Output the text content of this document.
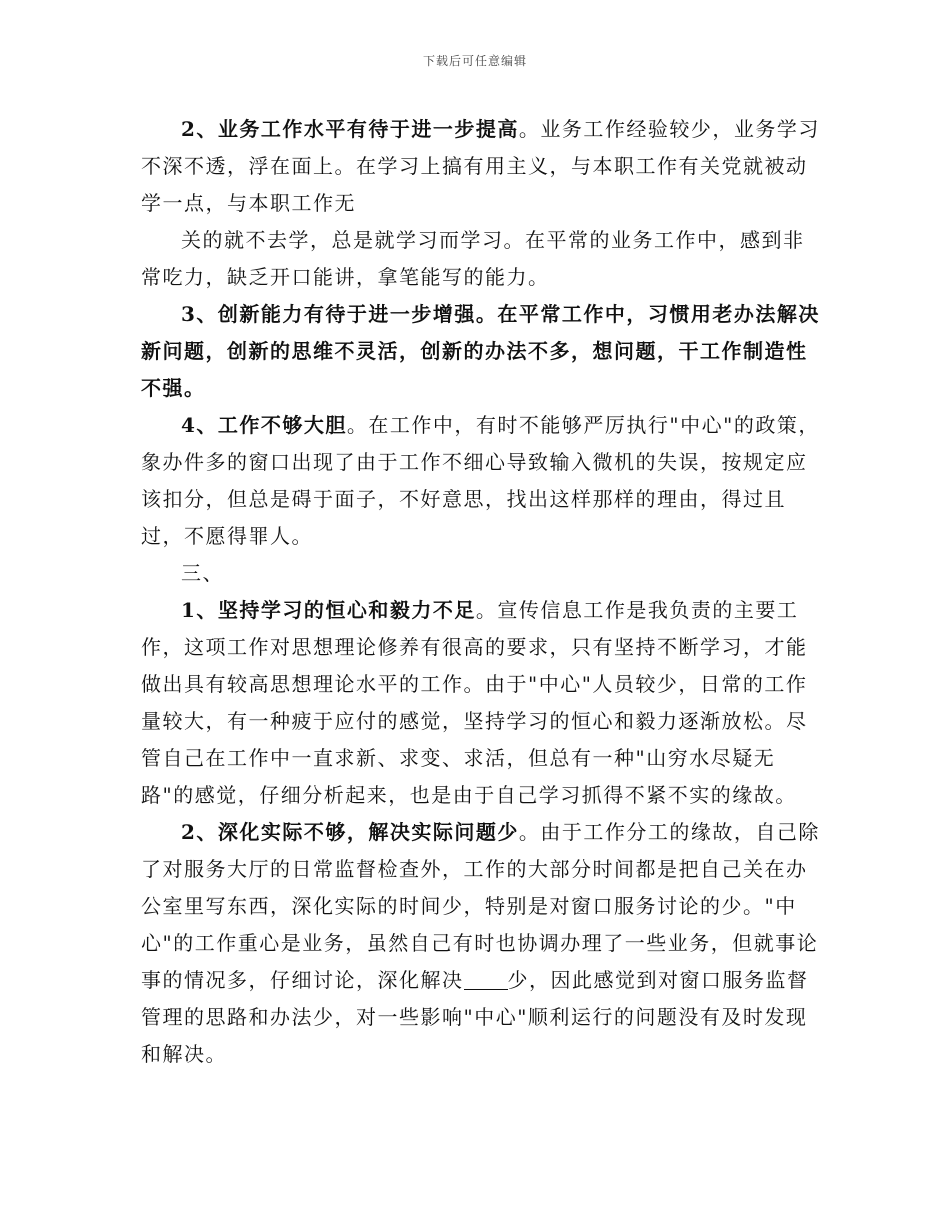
下载后可任意编辑

2、业务工作水平有待于进一步提高。业务工作经验较少，业务学习不深不透，浮在面上。在学习上搞有用主义，与本职工作有关党就被动学一点，与本职工作无

关的就不去学，总是就学习而学习。在平常的业务工作中，感到非常吃力，缺乏开口能讲，拿笔能写的能力。

3、创新能力有待于进一步增强。在平常工作中，习惯用老办法解决新问题，创新的思维不灵活，创新的办法不多，想问题，干工作制造性不强。

4、工作不够大胆。在工作中，有时不能够严厉执行"中心"的政策，象办件多的窗口出现了由于工作不细心导致输入微机的失误，按规定应该扣分，但总是碍于面子，不好意思，找出这样那样的理由，得过且过，不愿得罪人。

三、

1、坚持学习的恒心和毅力不足。宣传信息工作是我负责的主要工作，这项工作对思想理论修养有很高的要求，只有坚持不断学习，才能做出具有较高思想理论水平的工作。由于"中心"人员较少，日常的工作量较大，有一种疲于应付的感觉，坚持学习的恒心和毅力逐渐放松。尽管自己在工作中一直求新、求变、求活，但总有一种"山穷水尽疑无路"的感觉，仔细分析起来，也是由于自己学习抓得不紧不实的缘故。

2、深化实际不够，解决实际问题少。由于工作分工的缘故，自己除了对服务大厅的日常监督检查外，工作的大部分时间都是把自己关在办公室里写东西，深化实际的时间少，特别是对窗口服务讨论的少。"中心"的工作重心是业务，虽然自己有时也协调办理了一些业务，但就事论事的情况多，仔细讨论，深化解决 少，因此感觉到对窗口服务监督管理的思路和办法少，对一些影响"中心"顺利运行的问题没有及时发现和解决。
